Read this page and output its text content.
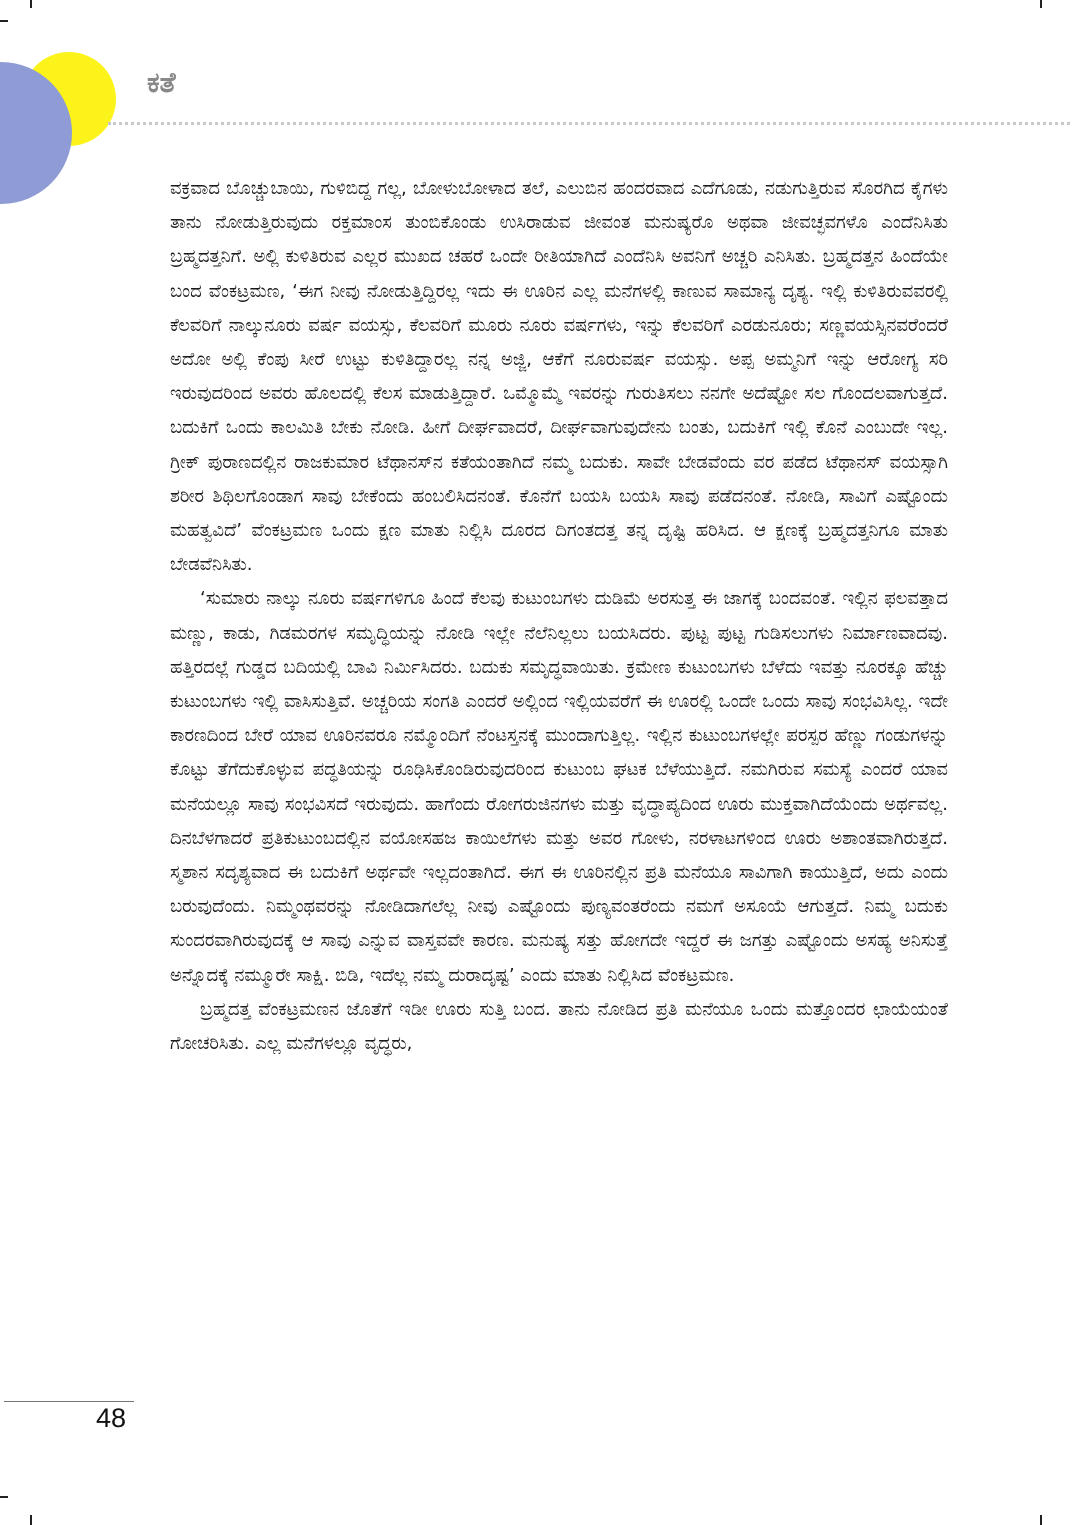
ಕತೆ

ವಕ್ರವಾದ ಬೊಚ್ಚುಬಾಯಿ, ಗುಳಿಬಿದ್ದ ಗಲ್ಲ, ಬೋಳುಬೋಳಾದ ತಲೆ, ಎಲುಬಿನ ಹಂದರವಾದ ಎದೆಗೂಡು, ನಡುಗುತ್ತಿರುವ ಸೊರಗಿದ ಕೈಗಳು ತಾನು ನೋಡುತ್ತಿರುವುದು ರಕ್ತಮಾಂಸ ತುಂಬಿಕೊಂಡು ಉಸಿರಾಡುವ ಜೀವಂತ ಮನುಷ್ಯರೊ ಅಥವಾ ಜೀವಚ್ಛವಗಳೊ ಎಂದೆನಿಸಿತು ಬ್ರಹ್ಮದತ್ತನಿಗೆ. ಅಲ್ಲಿ ಕುಳಿತಿರುವ ಎಲ್ಲರ ಮುಖದ ಚಹರೆ ಒಂದೇ ರೀತಿಯಾಗಿದೆ ಎಂದೆನಿಸಿ ಅವನಿಗೆ ಅಚ್ಚರಿ ಎನಿಸಿತು. ಬ್ರಹ್ಮದತ್ತನ ಹಿಂದೆಯೇ ಬಂದ ವೆಂಕಟ್ರಮಣ, ‘ಈಗ ನೀವು ನೋಡುತ್ತಿದ್ದಿರಲ್ಲ ಇದು ಈ ಊರಿನ ಎಲ್ಲ ಮನೆಗಳಲ್ಲಿ ಕಾಣುವ ಸಾಮಾನ್ಯ ದೃಶ್ಯ. ಇಲ್ಲಿ ಕುಳಿತಿರುವವರಲ್ಲಿ ಕೆಲವರಿಗೆ ನಾಲ್ಕುನೂರು ವರ್ಷ ವಯಸ್ಸು, ಕೆಲವರಿಗೆ ಮೂರು ನೂರು ವರ್ಷಗಳು, ಇನ್ನು ಕೆಲವರಿಗೆ ಎರಡುನೂರು; ಸಣ್ಣವಯಸ್ಸಿನವರೆಂದರೆ ಅದೋ ಅಲ್ಲಿ ಕೆಂಪು ಸೀರೆ ಉಟ್ಟು ಕುಳಿತಿದ್ದಾರಲ್ಲ ನನ್ನ ಅಜ್ಜಿ, ಆಕೆಗೆ ನೂರುವರ್ಷ ವಯಸ್ಸು. ಅಪ್ಪ ಅಮ್ಮನಿಗೆ ಇನ್ನು ಆರೋಗ್ಯ ಸರಿ ಇರುವುದರಿಂದ ಅವರು ಹೊಲದಲ್ಲಿ ಕೆಲಸ ಮಾಡುತ್ತಿದ್ದಾರೆ. ಒಮ್ಮೊಮ್ಮೆ ಇವರನ್ನು ಗುರುತಿಸಲು ನನಗೇ ಅದೆಷ್ಟೋ ಸಲ ಗೊಂದಲವಾಗುತ್ತದೆ. ಬದುಕಿಗೆ ಒಂದು ಕಾಲಮಿತಿ ಬೇಕು ನೋಡಿ. ಹೀಗೆ ದೀರ್ಘವಾದರೆ, ದೀರ್ಘವಾಗುವುದೇನು ಬಂತು, ಬದುಕಿಗೆ ಇಲ್ಲಿ ಕೊನೆ ಎಂಬುದೇ ಇಲ್ಲ. ಗ್ರೀಕ್ ಪುರಾಣದಲ್ಲಿನ ರಾಜಕುಮಾರ ಟೆಥಾನಸ್‌ನ ಕತೆಯಂತಾಗಿದೆ ನಮ್ಮ ಬದುಕು. ಸಾವೇ ಬೇಡವೆಂದು ವರ ಪಡೆದ ಟೆಥಾನಸ್ ವಯಸ್ಸಾಗಿ ಶರೀರ ಶಿಥಿಲಗೊಂಡಾಗ ಸಾವು ಬೇಕೆಂದು ಹಂಬಲಿಸಿದನಂತೆ. ಕೊನೆಗೆ ಬಯಸಿ ಬಯಸಿ ಸಾವು ಪಡೆದನಂತೆ. ನೋಡಿ, ಸಾವಿಗೆ ಎಷ್ಟೊಂದು ಮಹತ್ವವಿದೆ’ ವೆಂಕಟ್ರಮಣ ಒಂದು ಕ್ಷಣ ಮಾತು ನಿಲ್ಲಿಸಿ ದೂರದ ದಿಗಂತದತ್ತ ತನ್ನ ದೃಷ್ಟಿ ಹರಿಸಿದ. ಆ ಕ್ಷಣಕ್ಕೆ ಬ್ರಹ್ಮದತ್ತನಿಗೂ ಮಾತು ಬೇಡವೆನಿಸಿತು.

‘ಸುಮಾರು ನಾಲ್ಕು ನೂರು ವರ್ಷಗಳಿಗೂ ಹಿಂದೆ ಕೆಲವು ಕುಟುಂಬಗಳು ದುಡಿಮೆ ಅರಸುತ್ತ ಈ ಜಾಗಕ್ಕೆ ಬಂದವಂತೆ. ಇಲ್ಲಿನ ಫಲವತ್ತಾದ ಮಣ್ಣು, ಕಾಡು, ಗಿಡಮರಗಳ ಸಮೃದ್ಧಿಯನ್ನು ನೋಡಿ ಇಲ್ಲೇ ನೆಲೆನಿಲ್ಲಲು ಬಯಸಿದರು. ಪುಟ್ಟ ಪುಟ್ಟ ಗುಡಿಸಲುಗಳು ನಿರ್ಮಾಣವಾದವು. ಹತ್ತಿರದಲ್ಲೆ ಗುಡ್ಡದ ಬದಿಯಲ್ಲಿ ಬಾವಿ ನಿರ್ಮಿಸಿದರು. ಬದುಕು ಸಮೃದ್ಧವಾಯಿತು. ಕ್ರಮೇಣ ಕುಟುಂಬಗಳು ಬೆಳೆದು ಇವತ್ತು ನೂರಕ್ಕೂ ಹೆಚ್ಚು ಕುಟುಂಬಗಳು ಇಲ್ಲಿ ವಾಸಿಸುತ್ತಿವೆ. ಅಚ್ಚರಿಯ ಸಂಗತಿ ಎಂದರೆ ಅಲ್ಲಿಂದ ಇಲ್ಲಿಯವರೆಗೆ ಈ ಊರಲ್ಲಿ ಒಂದೇ ಒಂದು ಸಾವು ಸಂಭವಿಸಿಲ್ಲ. ಇದೇ ಕಾರಣದಿಂದ ಬೇರೆ ಯಾವ ಊರಿನವರೂ ನಮ್ಮೊಂದಿಗೆ ನೆಂಟಸ್ತನಕ್ಕೆ ಮುಂದಾಗುತ್ತಿಲ್ಲ. ಇಲ್ಲಿನ ಕುಟುಂಬಗಳಲ್ಲೇ ಪರಸ್ಪರ ಹೆಣ್ಣು ಗಂಡುಗಳನ್ನು ಕೊಟ್ಟು ತೆಗೆದುಕೊಳ್ಳುವ ಪದ್ಧತಿಯನ್ನು ರೂಢಿಸಿಕೊಂಡಿರುವುದರಿಂದ ಕುಟುಂಬ ಘಟಕ ಬೆಳೆಯುತ್ತಿದೆ. ನಮಗಿರುವ ಸಮಸ್ಯೆ ಎಂದರೆ ಯಾವ ಮನೆಯಲ್ಲೂ ಸಾವು ಸಂಭವಿಸದೆ ಇರುವುದು. ಹಾಗೆಂದು ರೋಗರುಜಿನಗಳು ಮತ್ತು ವೃದ್ಧಾಪ್ಯದಿಂದ ಊರು ಮುಕ್ತವಾಗಿದೆಯೆಂದು ಅರ್ಥವಲ್ಲ. ದಿನಬೆಳಗಾದರೆ ಪ್ರತಿಕುಟುಂಬದಲ್ಲಿನ ವಯೋಸಹಜ ಕಾಯಿಲೆಗಳು ಮತ್ತು ಅವರ ಗೋಳು, ನರಳಾಟಗಳಿಂದ ಊರು ಅಶಾಂತವಾಗಿರುತ್ತದೆ. ಸ್ಮಶಾನ ಸದೃಶ್ಯವಾದ ಈ ಬದುಕಿಗೆ ಅರ್ಥವೇ ಇಲ್ಲದಂತಾಗಿದೆ. ಈಗ ಈ ಊರಿನಲ್ಲಿನ ಪ್ರತಿ ಮನೆಯೂ ಸಾವಿಗಾಗಿ ಕಾಯುತ್ತಿದೆ, ಅದು ಎಂದು ಬರುವುದೆಂದು. ನಿಮ್ಮಂಥವರನ್ನು ನೋಡಿದಾಗಲೆಲ್ಲ ನೀವು ಎಷ್ಟೊಂದು ಪುಣ್ಯವಂತರೆಂದು ನಮಗೆ ಅಸೂಯೆ ಆಗುತ್ತದೆ. ನಿಮ್ಮ ಬದುಕು ಸುಂದರವಾಗಿರುವುದಕ್ಕೆ ಆ ಸಾವು ಎನ್ನುವ ವಾಸ್ತವವೇ ಕಾರಣ. ಮನುಷ್ಯ ಸತ್ತು ಹೋಗದೇ ಇದ್ದರೆ ಈ ಜಗತ್ತು ಎಷ್ಟೊಂದು ಅಸಹ್ಯ ಅನಿಸುತ್ತೆ ಅನ್ನೊದಕ್ಕೆ ನಮ್ಮೂರೇ ಸಾಕ್ಷಿ. ಬಿಡಿ, ಇದೆಲ್ಲ ನಮ್ಮ ದುರಾದೃಷ್ಟ’ ಎಂದು ಮಾತು ನಿಲ್ಲಿಸಿದ ವೆಂಕಟ್ರಮಣ.

ಬ್ರಹ್ಮದತ್ತ ವೆಂಕಟ್ರಮಣನ ಜೊತೆಗೆ ಇಡೀ ಊರು ಸುತ್ತಿ ಬಂದ. ತಾನು ನೋಡಿದ ಪ್ರತಿ ಮನೆಯೂ ಒಂದು ಮತ್ತೊಂದರ ಛಾಯೆಯಂತೆ ಗೋಚರಿಸಿತು. ಎಲ್ಲ ಮನೆಗಳಲ್ಲೂ ವೃದ್ಧರು,

48
